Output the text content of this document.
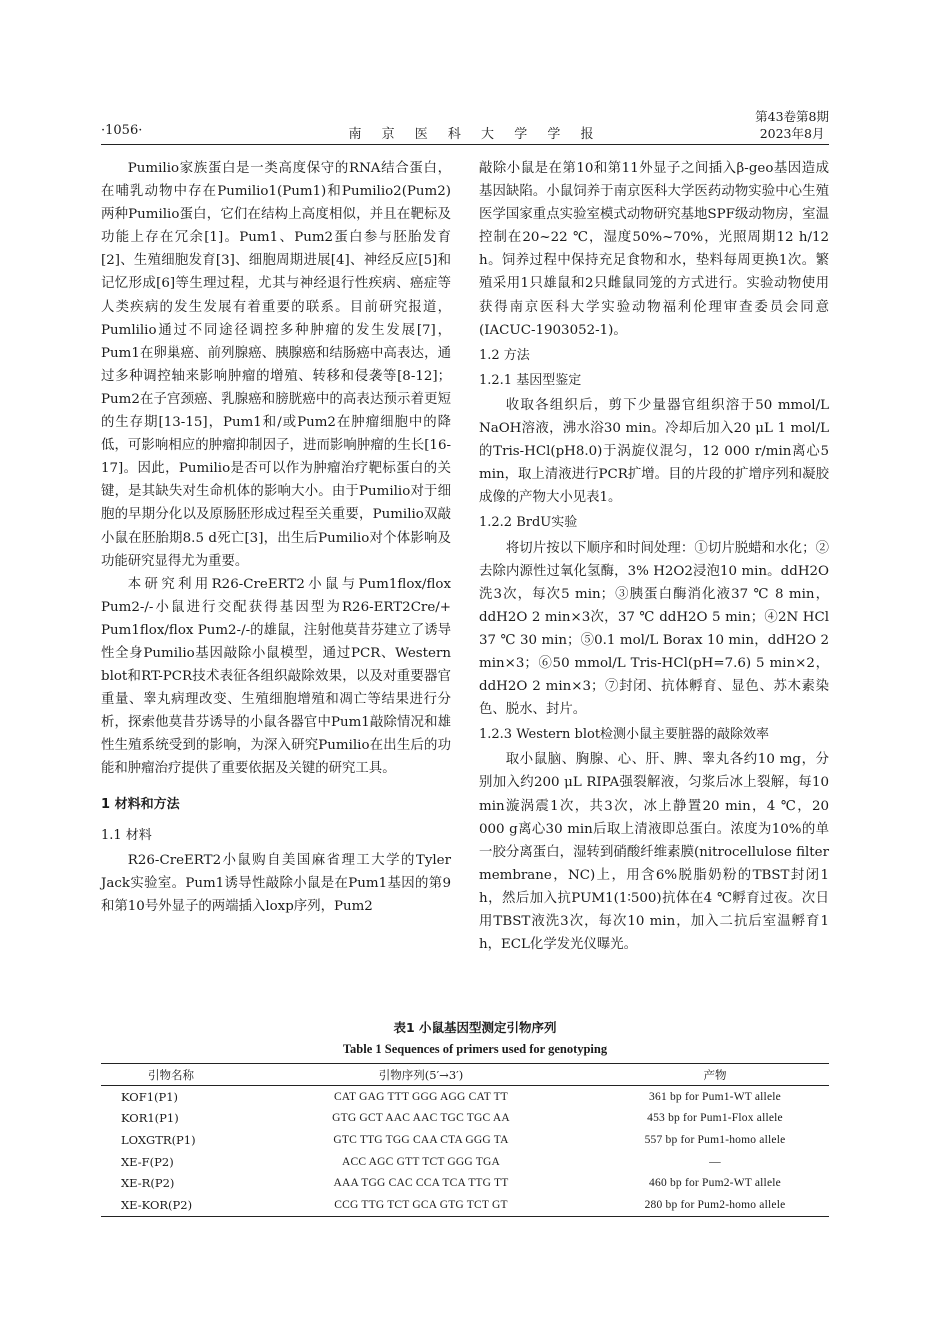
·1056·	南 京 医 科 大 学 学 报
第43卷第8期
2023年8月

Pumilio家族蛋白是一类高度保守的RNA结合蛋白，在哺乳动物中存在Pumilio1(Pum1)和Pumilio2(Pum2)两种Pumilio蛋白，它们在结构上高度相似，并且在靶标及功能上存在冗余[1]。Pum1、Pum2蛋白参与胚胎发育[2]、生殖细胞发育[3]、细胞周期进展[4]、神经反应[5]和记忆形成[6]等生理过程，尤其与神经退行性疾病、癌症等人类疾病的发生发展有着重要的联系。目前研究报道，Pumlilio通过不同途径调控多种肿瘤的发生发展[7]，Pum1在卵巢癌、前列腺癌、胰腺癌和结肠癌中高表达，通过多种调控轴来影响肿瘤的增殖、转移和侵袭等[8-12]；Pum2在子宫颈癌、乳腺癌和膀胱癌中的高表达预示着更短的生存期[13-15]，Pum1和/或Pum2在肿瘤细胞中的降低，可影响相应的肿瘤抑制因子，进而影响肿瘤的生长[16-17]。因此，Pumilio是否可以作为肿瘤治疗靶标蛋白的关键，是其缺失对生命机体的影响大小。由于Pumilio对于细胞的早期分化以及原肠胚形成过程至关重要，Pumilio双敲小鼠在胚胎期8.5 d死亡[3]，出生后Pumilio对个体影响及功能研究显得尤为重要。

本研究利用R26-CreERT2小鼠与Pum1flox/flox Pum2-/-小鼠进行交配获得基因型为R26-ERT2Cre/+ Pum1flox/flox Pum2-/-的雄鼠，注射他莫昔芬建立了诱导性全身Pumilio基因敲除小鼠模型，通过PCR、Western blot和RT-PCR技术表征各组织敲除效果，以及对重要器官重量、睾丸病理改变、生殖细胞增殖和凋亡等结果进行分析，探索他莫昔芬诱导的小鼠各器官中Pum1敲除情况和雄性生殖系统受到的影响，为深入研究Pumilio在出生后的功能和肿瘤治疗提供了重要依据及关键的研究工具。

1 材料和方法
1.1 材料

R26-CreERT2小鼠购自美国麻省理工大学的Tyler Jack实验室。Pum1诱导性敲除小鼠是在Pum1基因的第9和第10号外显子的两端插入loxp序列，Pum2

敲除小鼠是在第10和第11外显子之间插入β-geo基因造成基因缺陷。小鼠饲养于南京医科大学医药动物实验中心生殖医学国家重点实验室模式动物研究基地SPF级动物房，室温控制在20~22 ℃，湿度50%~70%，光照周期12 h/12 h。饲养过程中保持充足食物和水，垫料每周更换1次。繁殖采用1只雄鼠和2只雌鼠同笼的方式进行。实验动物使用获得南京医科大学实验动物福利伦理审查委员会同意(IACUC-1903052-1)。

1.2 方法
1.2.1 基因型鉴定

收取各组织后，剪下少量器官组织溶于50 mmol/L NaOH溶液，沸水浴30 min。冷却后加入20 μL 1 mol/L的Tris-HCl(pH8.0)于涡旋仪混匀，12 000 r/min离心5 min，取上清液进行PCR扩增。目的片段的扩增序列和凝胶成像的产物大小见表1。

1.2.2 BrdU实验

将切片按以下顺序和时间处理：①切片脱蜡和水化；②去除内源性过氧化氢酶，3% H2O2浸泡10 min。ddH2O洗3次，每次5 min；③胰蛋白酶消化液37 ℃ 8 min，ddH2O 2 min×3次，37 ℃ ddH2O 5 min；④2N HCl 37 ℃ 30 min；⑤0.1 mol/L Borax 10 min，ddH2O 2 min×3；⑥50 mmol/L Tris-HCl(pH=7.6) 5 min×2，ddH2O 2 min×3；⑦封闭、抗体孵育、显色、苏木素染色、脱水、封片。

1.2.3 Western blot检测小鼠主要脏器的敲除效率

取小鼠脑、胸腺、心、肝、脾、睾丸各约10 mg，分别加入约200 μL RIPA强裂解液，匀浆后冰上裂解，每10 min漩涡震1次，共3次，冰上静置20 min，4 ℃，20 000 g离心30 min后取上清液即总蛋白。浓度为10%的单一胶分离蛋白，湿转到硝酸纤维素膜(nitrocellulose filter membrane，NC)上，用含6%脱脂奶粉的TBST封闭1 h，然后加入抗PUM1(1∶500)抗体在4 ℃孵育过夜。次日用TBST液洗3次，每次10 min，加入二抗后室温孵育1 h，ECL化学发光仪曝光。

表1 小鼠基因型测定引物序列
Table 1 Sequences of primers used for genotyping
引物名称	引物序列(5′→3′)	产物
KOF1(P1)	CAT GAG TTT GGG AGG CAT TT	361 bp for Pum1-WT allele
KOR1(P1)	GTG GCT AAC AAC TGC TGC AA	453 bp for Pum1-Flox allele
LOXGTR(P1)	GTC TTG TGG CAA CTA GGG TA	557 bp for Pum1-homo allele
XE-F(P2)	ACC AGC GTT TCT GGG TGA	—
XE-R(P2)	AAA TGG CAC CCA TCA TTG TT	460 bp for Pum2-WT allele
XE-KOR(P2)	CCG TTG TCT GCA GTG TCT GT	280 bp for Pum2-homo allele
